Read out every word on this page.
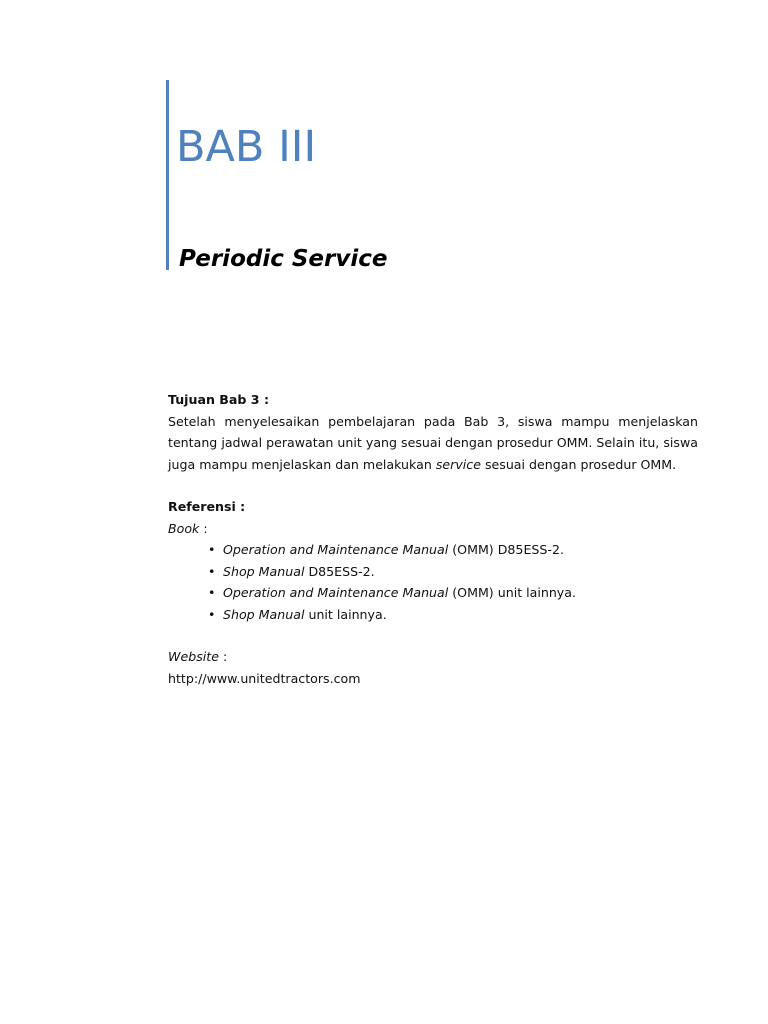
BAB III
Periodic Service

Tujuan Bab 3 :

Setelah menyelesaikan pembelajaran pada Bab 3, siswa mampu menjelaskan tentang jadwal perawatan unit yang sesuai dengan prosedur OMM. Selain itu, siswa juga mampu menjelaskan dan melakukan service sesuai dengan prosedur OMM.

Referensi :

Book :

• Operation and Maintenance Manual (OMM) D85ESS-2.
• Shop Manual D85ESS-2.
• Operation and Maintenance Manual (OMM) unit lainnya.
• Shop Manual unit lainnya.

Website :

http://www.unitedtractors.com
